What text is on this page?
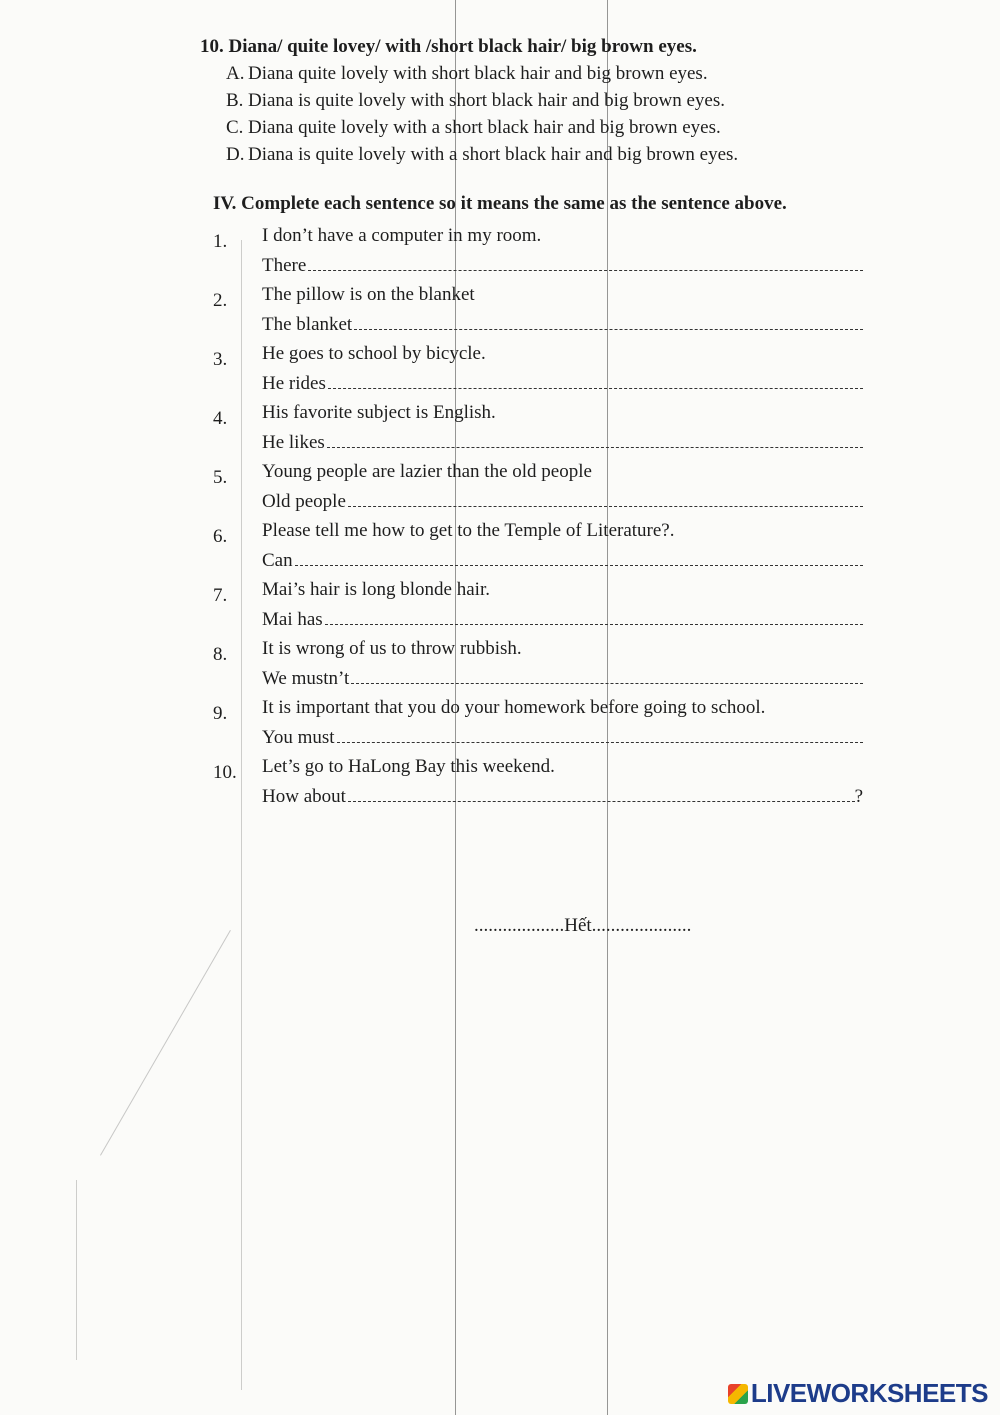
10. Diana/ quite lovey/ with /short black hair/ big brown eyes.

A. Diana quite lovely with short black hair and big brown eyes.
B. Diana is quite lovely with short black hair and big brown eyes.
C. Diana quite lovely with a short black hair and big brown eyes.
D. Diana is quite lovely with a short black hair and big brown eyes.

IV. Complete each sentence so it means the same as the sentence above.

1. I don’t have a computer in my room.
There
2. The pillow is on the blanket
The blanket
3. He goes to school by bicycle.
He rides
4. His favorite subject is English.
He likes
5. Young people are lazier than the old people
Old people
6. Please tell me how to get to the Temple of Literature?.
Can
7. Mai’s hair is long blonde hair.
Mai has
8. It is wrong of us to throw rubbish.
We mustn’t
9. It is important that you do your homework before going to school.
You must
10. Let’s go to HaLong Bay this weekend.
How about	?
...................Hết.....................
LIVEWORKSHEETS
